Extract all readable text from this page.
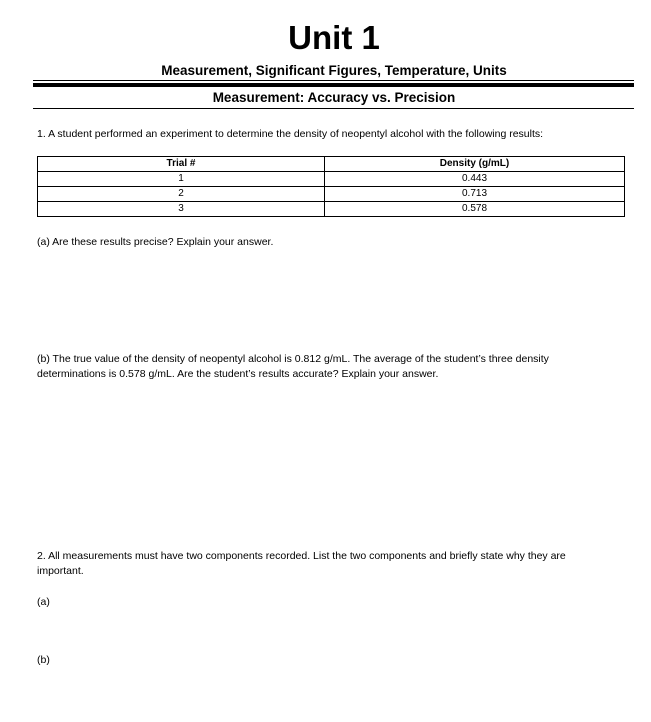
Unit 1
Measurement, Significant Figures, Temperature, Units
Measurement: Accuracy vs. Precision
1. A student performed an experiment to determine the density of neopentyl alcohol with the following results:
Trial #	Density (g/mL)
1	0.443
2	0.713
3	0.578
(a) Are these results precise? Explain your answer.
(b) The true value of the density of neopentyl alcohol is 0.812 g/mL. The average of the student’s three density
determinations is 0.578 g/mL. Are the student’s results accurate? Explain your answer.
2. All measurements must have two components recorded. List the two components and briefly state why they are
important.
(a)
(b)
